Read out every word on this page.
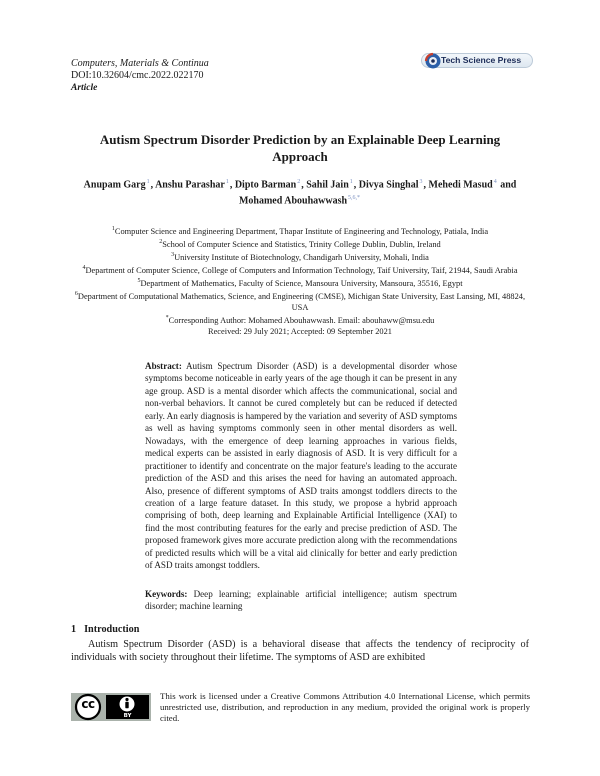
Computers, Materials & Continua
DOI:10.32604/cmc.2022.022170
Article
Tech Science Press
Autism Spectrum Disorder Prediction by an Explainable Deep Learning Approach
Anupam Garg$^1$, Anshu Parashar$^1$, Dipto Barman$^2$, Sahil Jain$^1$, Divya Singhal$^3$, Mehedi Masud$^4$ and
Mohamed Abouhawwash$^{5,6,*}$
$^1$Computer Science and Engineering Department, Thapar Institute of Engineering and Technology, Patiala, India
$^2$School of Computer Science and Statistics, Trinity College Dublin, Dublin, Ireland
$^3$University Institute of Biotechnology, Chandigarh University, Mohali, India
$^4$Department of Computer Science, College of Computers and Information Technology, Taif University, Taif, 21944, Saudi Arabia
$^5$Department of Mathematics, Faculty of Science, Mansoura University, Mansoura, 35516, Egypt
$^6$Department of Computational Mathematics, Science, and Engineering (CMSE), Michigan State University, East Lansing, MI, 48824, USA
*Corresponding Author: Mohamed Abouhawwash. Email: abouhaww@msu.edu
Received: 29 July 2021; Accepted: 09 September 2021
Abstract: Autism Spectrum Disorder (ASD) is a developmental disorder whose symptoms become noticeable in early years of the age though it can be present in any age group. ASD is a mental disorder which affects the communicational, social and non-verbal behaviors. It cannot be cured completely but can be reduced if detected early. An early diagnosis is hampered by the variation and severity of ASD symptoms as well as having symptoms commonly seen in other mental disorders as well. Nowadays, with the emergence of deep learning approaches in various fields, medical experts can be assisted in early diagnosis of ASD. It is very difficult for a practitioner to identify and concentrate on the major feature's leading to the accurate prediction of the ASD and this arises the need for having an automated approach. Also, presence of different symptoms of ASD traits amongst toddlers directs to the creation of a large feature dataset. In this study, we propose a hybrid approach comprising of both, deep learning and Explainable Artificial Intelligence (XAI) to find the most contributing features for the early and precise prediction of ASD. The proposed framework gives more accurate prediction along with the recommendations of predicted results which will be a vital aid clinically for better and early prediction of ASD traits amongst toddlers.
Keywords: Deep learning; explainable artificial intelligence; autism spectrum disorder; machine learning
1 Introduction
Autism Spectrum Disorder (ASD) is a behavioral disease that affects the tendency of reciprocity of individuals with society throughout their lifetime. The symptoms of ASD are exhibited
cc
BY
This work is licensed under a Creative Commons Attribution 4.0 International License, which permits unrestricted use, distribution, and reproduction in any medium, provided the original work is properly cited.
